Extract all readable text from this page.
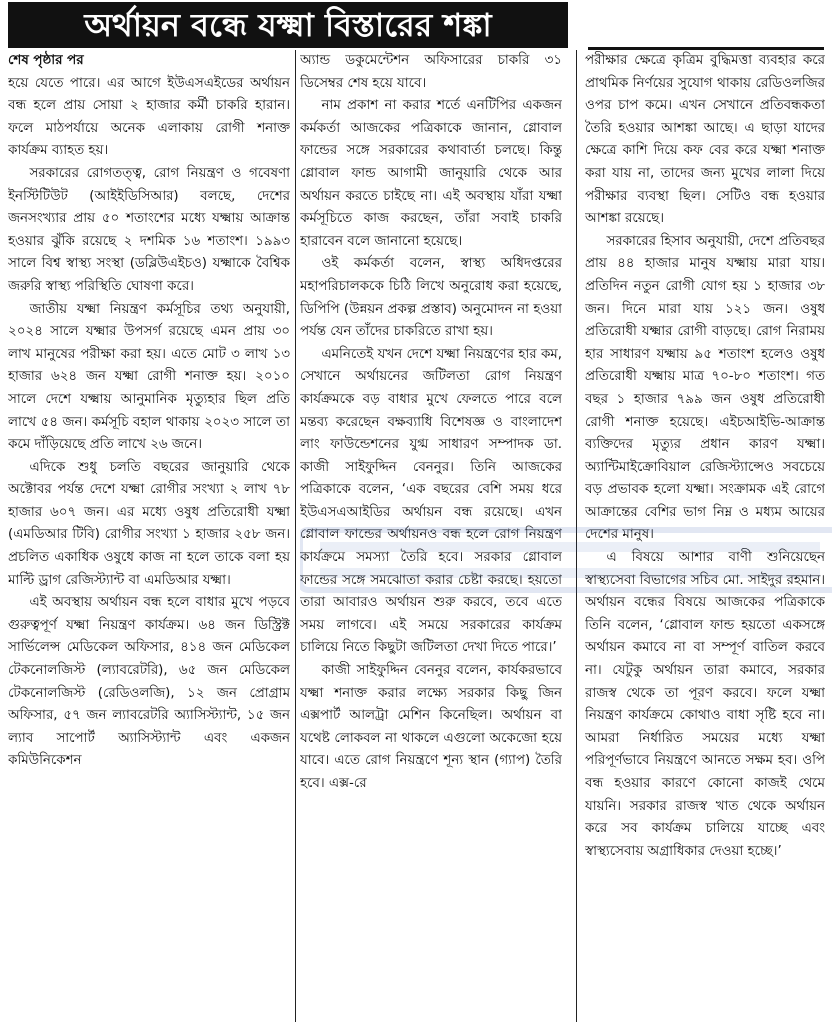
অর্থায়ন বন্ধে যক্ষ্মা বিস্তারের শঙ্কা
শেষ পৃষ্ঠার পর

হয়ে যেতে পারে। এর আগে ইউএসএইডের অর্থায়ন বন্ধ হলে প্রায় সোয়া ২ হাজার কর্মী চাকরি হারান। ফলে মাঠপর্যায়ে অনেক এলাকায় রোগী শনাক্ত কার্যক্রম ব্যাহত হয়।

সরকারের রোগতত্ত্ব, রোগ নিয়ন্ত্রণ ও গবেষণা ইনস্টিটিউট (আইইডিসিআর) বলছে, দেশের জনসংখ্যার প্রায় ৫০ শতাংশের মধ্যে যক্ষ্মায় আক্রান্ত হওয়ার ঝুঁকি রয়েছে ২ দশমিক ১৬ শতাংশ। ১৯৯৩ সালে বিশ্ব স্বাস্থ্য সংস্থা (ডব্লিউএইচও) যক্ষ্মাকে বৈশ্বিক জরুরি স্বাস্থ্য পরিস্থিতি ঘোষণা করে।

জাতীয় যক্ষ্মা নিয়ন্ত্রণ কর্মসূচির তথ্য অনুযায়ী, ২০২৪ সালে যক্ষ্মার উপসর্গ রয়েছে এমন প্রায় ৩০ লাখ মানুষের পরীক্ষা করা হয়। এতে মোট ৩ লাখ ১৩ হাজার ৬২৪ জন যক্ষ্মা রোগী শনাক্ত হয়। ২০১০ সালে দেশে যক্ষ্মায় আনুমানিক মৃত্যুহার ছিল প্রতি লাখে ৫৪ জন। কর্মসূচি বহাল থাকায় ২০২৩ সালে তা কমে দাঁড়িয়েছে প্রতি লাখে ২৬ জনে।

এদিকে শুধু চলতি বছরের জানুয়ারি থেকে অক্টোবর পর্যন্ত দেশে যক্ষ্মা রোগীর সংখ্যা ২ লাখ ৭৮ হাজার ৬০৭ জন। এর মধ্যে ওষুধ প্রতিরোধী যক্ষ্মা (এমডিআর টিবি) রোগীর সংখ্যা ১ হাজার ২৫৮ জন। প্রচলিত একাধিক ওষুধে কাজ না হলে তাকে বলা হয় মাল্টি ড্রাগ রেজিস্ট্যান্ট বা এমডিআর যক্ষ্মা।

এই অবস্থায় অর্থায়ন বন্ধ হলে বাধার মুখে পড়বে গুরুত্বপূর্ণ যক্ষ্মা নিয়ন্ত্রণ কার্যক্রম। ৬৪ জন ডিস্ট্রিক্ট সার্ভিলেন্স মেডিকেল অফিসার, ৪১৪ জন মেডিকেল টেকনোলজিস্ট (ল্যাবরেটরি), ৬৫ জন মেডিকেল টেকনোলজিস্ট (রেডিওলজি), ১২ জন প্রোগ্রাম অফিসার, ৫৭ জন ল্যাবরেটরি অ্যাসিস্ট্যান্ট, ১৫ জন ল্যাব সাপোর্ট অ্যাসিস্ট্যান্ট এবং একজন কমিউনিকেশন

অ্যান্ড ডকুমেন্টেশন অফিসারের চাকরি ৩১ ডিসেম্বর শেষ হয়ে যাবে।

নাম প্রকাশ না করার শর্তে এনটিপির একজন কর্মকর্তা আজকের পত্রিকাকে জানান, গ্লোবাল ফান্ডের সঙ্গে সরকারের কথাবার্তা চলছে। কিন্তু গ্লোবাল ফান্ড আগামী জানুয়ারি থেকে আর অর্থায়ন করতে চাইছে না। এই অবস্থায় যাঁরা যক্ষ্মা কর্মসূচিতে কাজ করছেন, তাঁরা সবাই চাকরি হারাবেন বলে জানানো হয়েছে।

ওই কর্মকর্তা বলেন, স্বাস্থ্য অধিদপ্তরের মহাপরিচালককে চিঠি লিখে অনুরোধ করা হয়েছে, ডিপিপি (উন্নয়ন প্রকল্প প্রস্তাব) অনুমোদন না হওয়া পর্যন্ত যেন তাঁদের চাকরিতে রাখা হয়।

এমনিতেই যখন দেশে যক্ষ্মা নিয়ন্ত্রণের হার কম, সেখানে অর্থায়নের জটিলতা রোগ নিয়ন্ত্রণ কার্যক্রমকে বড় বাধার মুখে ফেলতে পারে বলে মন্তব্য করেছেন বক্ষব্যাধি বিশেষজ্ঞ ও বাংলাদেশ লাং ফাউন্ডেশনের যুগ্ম সাধারণ সম্পাদক ডা. কাজী সাইফুদ্দিন বেননুর। তিনি আজকের পত্রিকাকে বলেন, ‘এক বছরের বেশি সময় ধরে ইউএসএআইডির অর্থায়ন বন্ধ রয়েছে। এখন গ্লোবাল ফান্ডের অর্থায়নও বন্ধ হলে রোগ নিয়ন্ত্রণ কার্যক্রমে সমস্যা তৈরি হবে। সরকার গ্লোবাল ফান্ডের সঙ্গে সমঝোতা করার চেষ্টা করছে। হয়তো তারা আবারও অর্থায়ন শুরু করবে, তবে এতে সময় লাগবে। এই সময়ে সরকারের কার্যক্রম চালিয়ে নিতে কিছুটা জটিলতা দেখা দিতে পারে।’

কাজী সাইফুদ্দিন বেননুর বলেন, কার্যকরভাবে যক্ষ্মা শনাক্ত করার লক্ষ্যে সরকার কিছু জিন এক্সপার্ট আলট্রা মেশিন কিনেছিল। অর্থায়ন বা যথেষ্ট লোকবল না থাকলে এগুলো অকেজো হয়ে যাবে। এতে রোগ নিয়ন্ত্রণে শূন্য স্থান (গ্যাপ) তৈরি হবে। এক্স-রে

পরীক্ষার ক্ষেত্রে কৃত্রিম বুদ্ধিমত্তা ব্যবহার করে প্রাথমিক নির্ণয়ের সুযোগ থাকায় রেডিওলজির ওপর চাপ কমে। এখন সেখানে প্রতিবন্ধকতা তৈরি হওয়ার আশঙ্কা আছে। এ ছাড়া যাদের ক্ষেত্রে কাশি দিয়ে কফ বের করে যক্ষ্মা শনাক্ত করা যায় না, তাদের জন্য মুখের লালা দিয়ে পরীক্ষার ব্যবস্থা ছিল। সেটিও বন্ধ হওয়ার আশঙ্কা রয়েছে।

সরকারের হিসাব অনুযায়ী, দেশে প্রতিবছর প্রায় ৪৪ হাজার মানুষ যক্ষ্মায় মারা যায়। প্রতিদিন নতুন রোগী যোগ হয় ১ হাজার ৩৮ জন। দিনে মারা যায় ১২১ জন। ওষুধ প্রতিরোধী যক্ষ্মার রোগী বাড়ছে। রোগ নিরাময় হার সাধারণ যক্ষ্মায় ৯৫ শতাংশ হলেও ওষুধ প্রতিরোধী যক্ষ্মায় মাত্র ৭০-৮০ শতাংশ। গত বছর ১ হাজার ৭৯৯ জন ওষুধ প্রতিরোধী রোগী শনাক্ত হয়েছে। এইচআইভি-আক্রান্ত ব্যক্তিদের মৃত্যুর প্রধান কারণ যক্ষ্মা। অ্যান্টিমাইক্রোবিয়াল রেজিস্ট্যান্সেও সবচেয়ে বড় প্রভাবক হলো যক্ষ্মা। সংক্রামক এই রোগে আক্রান্তের বেশির ভাগ নিম্ন ও মধ্যম আয়ের দেশের মানুষ।

এ বিষয়ে আশার বাণী শুনিয়েছেন স্বাস্থ্যসেবা বিভাগের সচিব মো. সাইদুর রহমান। অর্থায়ন বন্ধের বিষয়ে আজকের পত্রিকাকে তিনি বলেন, ‘গ্লোবাল ফান্ড হয়তো একসঙ্গে অর্থায়ন কমাবে না বা সম্পূর্ণ বাতিল করবে না। যেটুকু অর্থায়ন তারা কমাবে, সরকার রাজস্ব থেকে তা পূরণ করবে। ফলে যক্ষ্মা নিয়ন্ত্রণ কার্যক্রমে কোথাও বাধা সৃষ্টি হবে না। আমরা নির্ধারিত সময়ের মধ্যে যক্ষ্মা পরিপূর্ণভাবে নিয়ন্ত্রণে আনতে সক্ষম হব। ওপি বন্ধ হওয়ার কারণে কোনো কাজই থেমে যায়নি। সরকার রাজস্ব খাত থেকে অর্থায়ন করে সব কার্যক্রম চালিয়ে যাচ্ছে এবং স্বাস্থ্যসেবায় অগ্রাধিকার দেওয়া হচ্ছে।’
